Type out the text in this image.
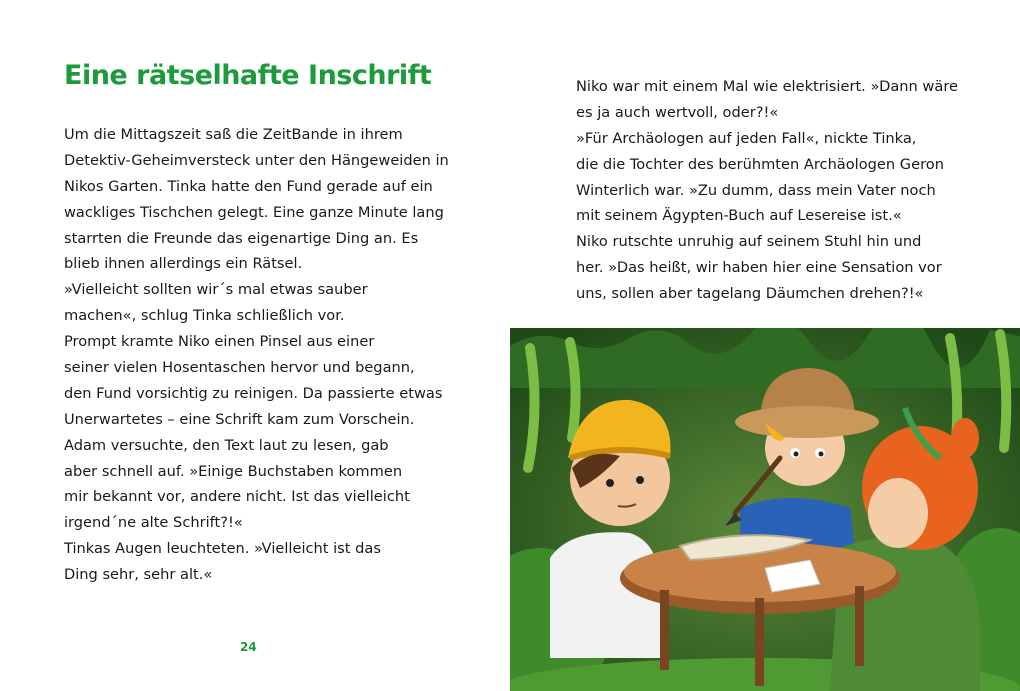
Eine rätselhafte Inschrift
Um die Mittagszeit saß die ZeitBande in ihrem
Detektiv-Geheimversteck unter den Hängeweiden in
Nikos Garten. Tinka hatte den Fund gerade auf ein
wackliges Tischchen gelegt. Eine ganze Minute lang
starrten die Freunde das eigenartige Ding an. Es
blieb ihnen allerdings ein Rätsel.
»Vielleicht sollten wir´s mal etwas sauber
machen«, schlug Tinka schließlich vor.
Prompt kramte Niko einen Pinsel aus einer
seiner vielen Hosentaschen hervor und begann,
den Fund vorsichtig zu reinigen. Da passierte etwas
Unerwartetes – eine Schrift kam zum Vorschein.
Adam versuchte, den Text laut zu lesen, gab
aber schnell auf. »Einige Buchstaben kommen
mir bekannt vor, andere nicht. Ist das vielleicht
irgend´ne alte Schrift?!«
Tinkas Augen leuchteten. »Vielleicht ist das
Ding sehr, sehr alt.«
24
Niko war mit einem Mal wie elektrisiert. »Dann wäre
es ja auch wertvoll, oder?!«
»Für Archäologen auf jeden Fall«, nickte Tinka,
die die Tochter des berühmten Archäologen Geron
Winterlich war. »Zu dumm, dass mein Vater noch
mit seinem Ägypten-Buch auf Lesereise ist.«
Niko rutschte unruhig auf seinem Stuhl hin und
her. »Das heißt, wir haben hier eine Sensation vor
uns, sollen aber tagelang Däumchen drehen?!«
